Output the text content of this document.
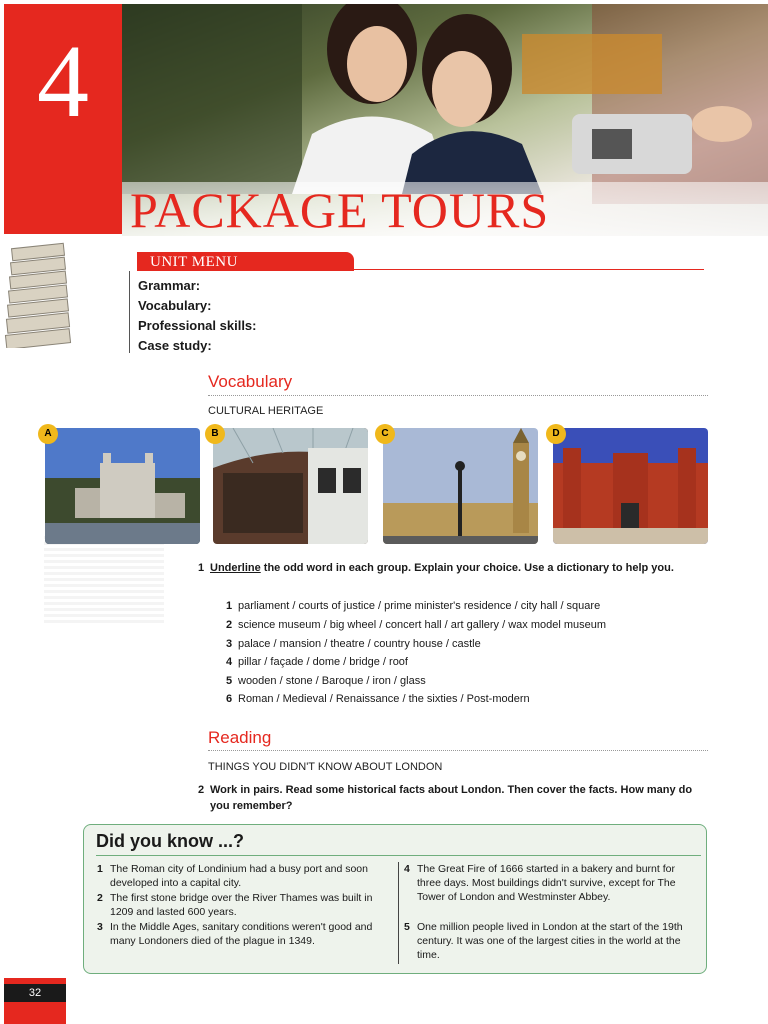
4
PACKAGE TOURS
UNIT MENU
Grammar:
Vocabulary:
Professional skills:
Case study:
Vocabulary
CULTURAL HERITAGE
A	B	C	D
1 Underline the odd word in each group. Explain your choice. Use a dictionary to help you.
1 parliament / courts of justice / prime minister's residence / city hall / square
2 science museum / big wheel / concert hall / art gallery / wax model museum
3 palace / mansion / theatre / country house / castle
4 pillar / façade / dome / bridge / roof
5 wooden / stone / Baroque / iron / glass
6 Roman / Medieval / Renaissance / the sixties / Post-modern
Reading
THINGS YOU DIDN'T KNOW ABOUT LONDON
2 Work in pairs. Read some historical facts about London. Then cover the facts. How many do you remember?
Did you know ...?
1 The Roman city of Londinium had a busy port and soon developed into a capital city.
2 The first stone bridge over the River Thames was built in 1209 and lasted 600 years.
3 In the Middle Ages, sanitary conditions weren't good and many Londoners died of the plague in 1349.
4 The Great Fire of 1666 started in a bakery and burnt for three days. Most buildings didn't survive, except for The Tower of London and Westminster Abbey.
5 One million people lived in London at the start of the 19th century. It was one of the largest cities in the world at the time.
32
